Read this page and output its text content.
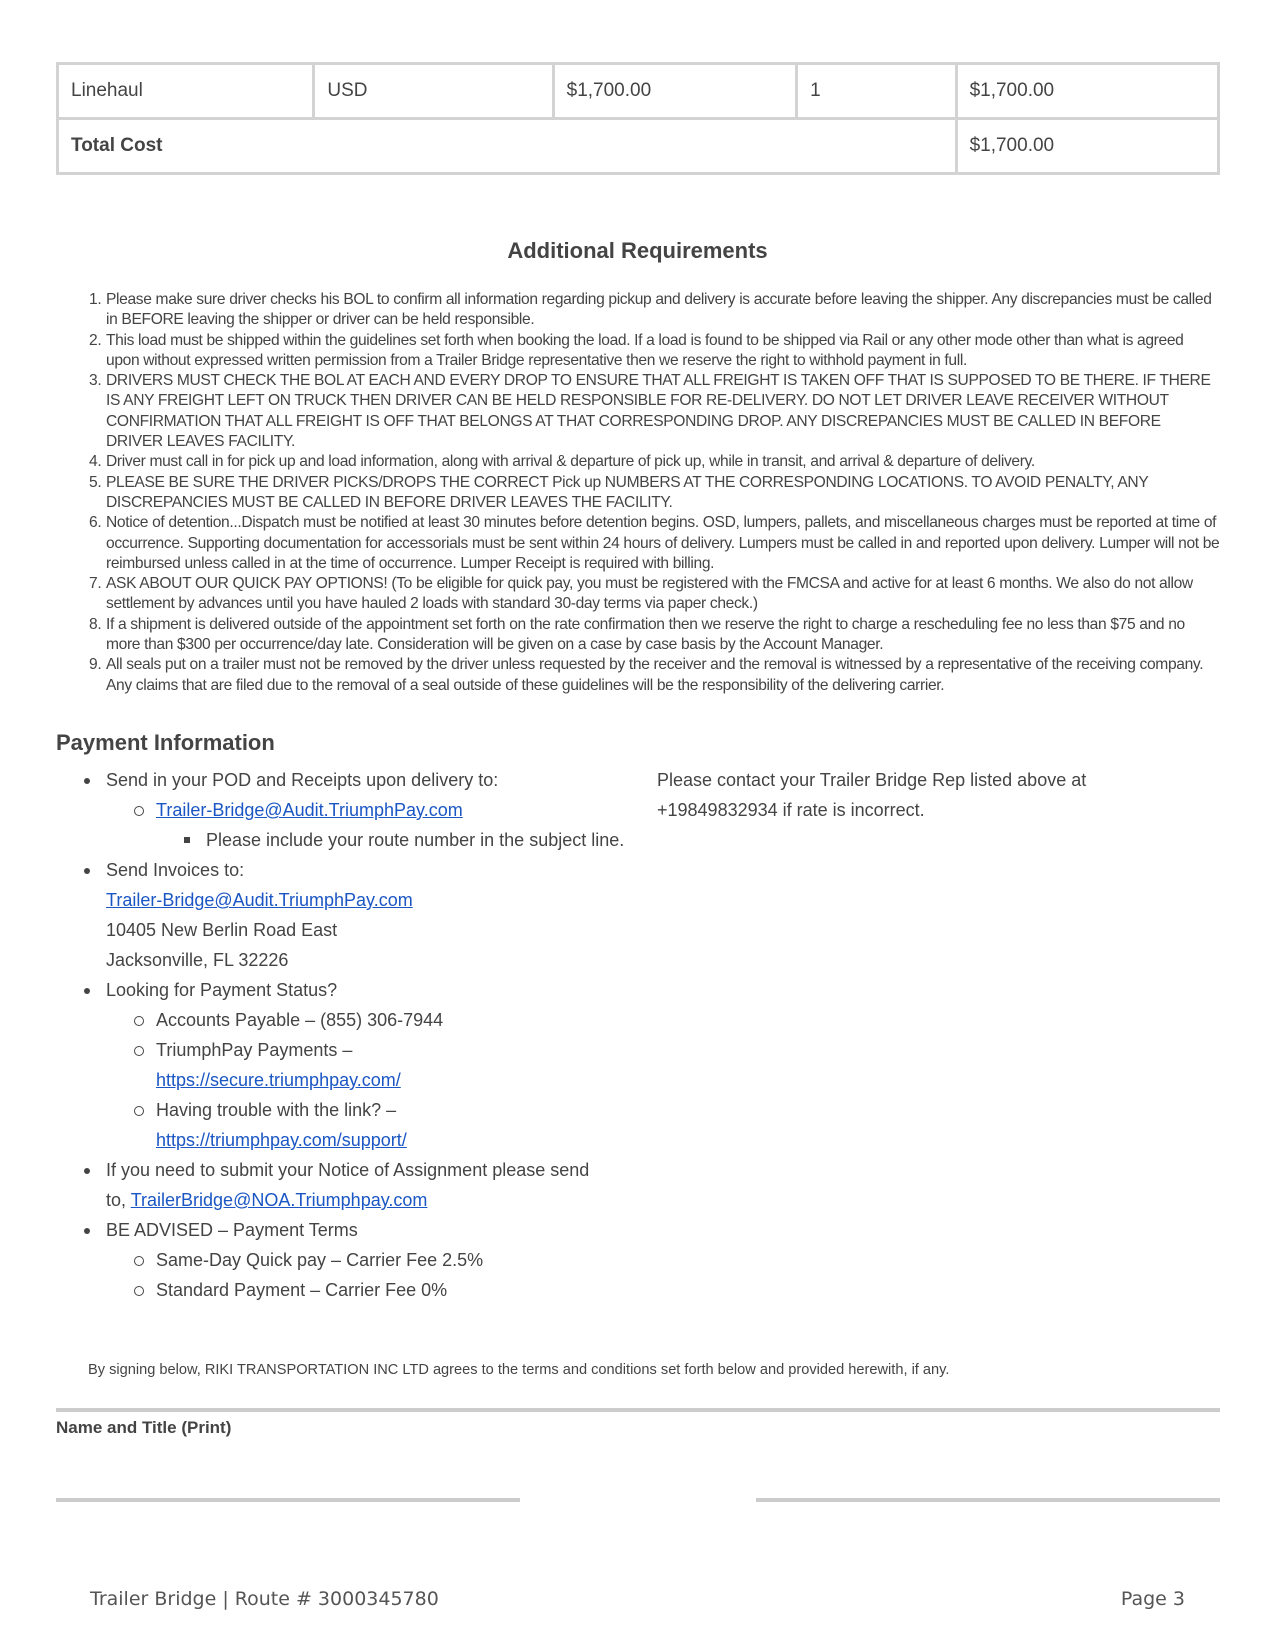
Linehaul	USD	$1,700.00	1	$1,700.00
Total Cost				$1,700.00
Additional Requirements
Please make sure driver checks his BOL to confirm all information regarding pickup and delivery is accurate before leaving the shipper. Any discrepancies must be called in BEFORE leaving the shipper or driver can be held responsible.
This load must be shipped within the guidelines set forth when booking the load. If a load is found to be shipped via Rail or any other mode other than what is agreed upon without expressed written permission from a Trailer Bridge representative then we reserve the right to withhold payment in full.
DRIVERS MUST CHECK THE BOL AT EACH AND EVERY DROP TO ENSURE THAT ALL FREIGHT IS TAKEN OFF THAT IS SUPPOSED TO BE THERE. IF THERE IS ANY FREIGHT LEFT ON TRUCK THEN DRIVER CAN BE HELD RESPONSIBLE FOR RE-DELIVERY. DO NOT LET DRIVER LEAVE RECEIVER WITHOUT CONFIRMATION THAT ALL FREIGHT IS OFF THAT BELONGS AT THAT CORRESPONDING DROP. ANY DISCREPANCIES MUST BE CALLED IN BEFORE DRIVER LEAVES FACILITY.
Driver must call in for pick up and load information, along with arrival & departure of pick up, while in transit, and arrival & departure of delivery.
PLEASE BE SURE THE DRIVER PICKS/DROPS THE CORRECT Pick up NUMBERS AT THE CORRESPONDING LOCATIONS. TO AVOID PENALTY, ANY DISCREPANCIES MUST BE CALLED IN BEFORE DRIVER LEAVES THE FACILITY.
Notice of detention...Dispatch must be notified at least 30 minutes before detention begins. OSD, lumpers, pallets, and miscellaneous charges must be reported at time of occurrence. Supporting documentation for accessorials must be sent within 24 hours of delivery. Lumpers must be called in and reported upon delivery. Lumper will not be reimbursed unless called in at the time of occurrence. Lumper Receipt is required with billing.
ASK ABOUT OUR QUICK PAY OPTIONS! (To be eligible for quick pay, you must be registered with the FMCSA and active for at least 6 months. We also do not allow settlement by advances until you have hauled 2 loads with standard 30-day terms via paper check.)
If a shipment is delivered outside of the appointment set forth on the rate confirmation then we reserve the right to charge a rescheduling fee no less than $75 and no more than $300 per occurrence/day late. Consideration will be given on a case by case basis by the Account Manager.
All seals put on a trailer must not be removed by the driver unless requested by the receiver and the removal is witnessed by a representative of the receiving company. Any claims that are filed due to the removal of a seal outside of these guidelines will be the responsibility of the delivering carrier.
Payment Information
Send in your POD and Receipts upon delivery to:
Trailer-Bridge@Audit.TriumphPay.com
Please include your route number in the subject line.
Send Invoices to:
Trailer-Bridge@Audit.TriumphPay.com
10405 New Berlin Road East
Jacksonville, FL 32226
Looking for Payment Status?
Accounts Payable – (855) 306-7944
TriumphPay Payments –
https://secure.triumphpay.com/
Having trouble with the link? –
https://triumphpay.com/support/
If you need to submit your Notice of Assignment please send
to, TrailerBridge@NOA.Triumphpay.com
BE ADVISED – Payment Terms
Same-Day Quick pay – Carrier Fee 2.5%
Standard Payment – Carrier Fee 0%
Please contact your Trailer Bridge Rep listed above at
+19849832934 if rate is incorrect.
By signing below, RIKI TRANSPORTATION INC LTD agrees to the terms and conditions set forth below and provided herewith, if any.
Name and Title (Print)
Trailer Bridge | Route # 3000345780	Page 3
